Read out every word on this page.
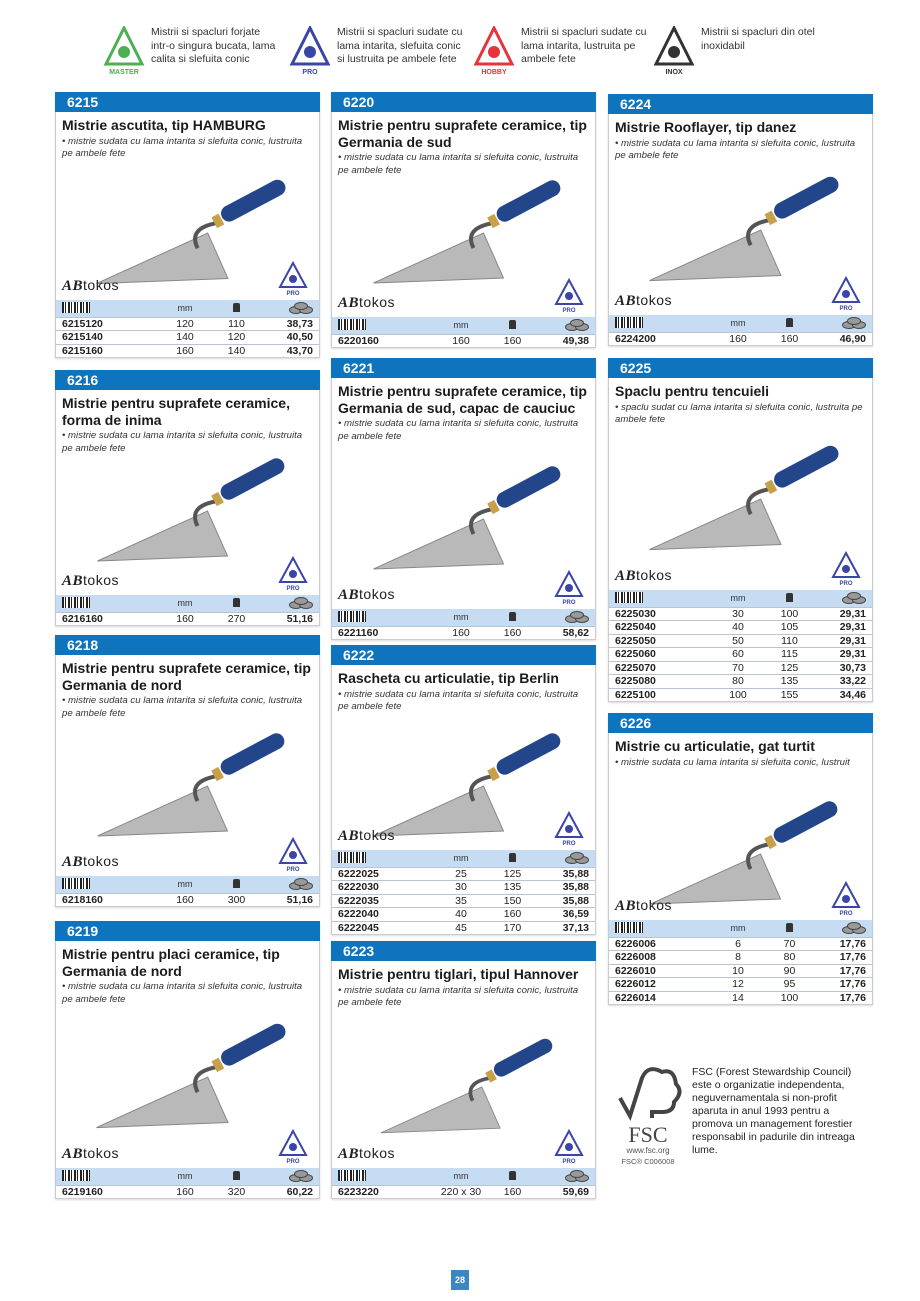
MASTER
Mistrii si spacluri forjate intr-o singura bucata, lama calita si slefuita conic
PRO
Mistrii si spacluri sudate cu lama intarita, slefuita conic si lustruita pe ambele fete
HOBBY
Mistrii si spacluri sudate cu lama intarita, lustruita pe ambele fete
INOX
Mistrii si spacluri din otel inoxidabil
6215
Mistrie ascutita, tip HAMBURG
• mistrie sudata cu lama intarita si slefuita conic, lustruita pe ambele fete
ABtokos
PRO
mm
6215120	120	110	38,73
6215140	140	120	40,50
6215160	160	140	43,70
6220
Mistrie pentru suprafete ceramice, tip Germania de sud
• mistrie sudata cu lama intarita si slefuita conic, lustruita pe ambele fete
ABtokos
PRO
mm
6220160	160	160	49,38
6224
Mistrie Rooflayer, tip danez
• mistrie sudata cu lama intarita si slefuita conic, lustruita pe ambele fete
ABtokos
PRO
mm
6224200	160	160	46,90
6216
Mistrie pentru suprafete ceramice, forma de inima
• mistrie sudata cu lama intarita si slefuita conic, lustruita pe ambele fete
ABtokos
PRO
mm
6216160	160	270	51,16
6221
Mistrie pentru suprafete ceramice, tip Germania de sud, capac de cauciuc
• mistrie sudata cu lama intarita si slefuita conic, lustruita pe ambele fete
ABtokos
PRO
mm
6221160	160	160	58,62
6225
Spaclu pentru tencuieli
• spaclu sudat cu lama intarita si slefuita conic, lustruita pe ambele fete
ABtokos
PRO
mm
6225030	30	100	29,31
6225040	40	105	29,31
6225050	50	110	29,31
6225060	60	115	29,31
6225070	70	125	30,73
6225080	80	135	33,22
6225100	100	155	34,46
6218
Mistrie pentru suprafete ceramice, tip Germania de nord
• mistrie sudata cu lama intarita si slefuita conic, lustruita pe ambele fete
ABtokos
PRO
mm
6218160	160	300	51,16
6222
Rascheta cu articulatie, tip Berlin
• mistrie sudata cu lama intarita si slefuita conic, lustruita pe ambele fete
ABtokos
PRO
mm
6222025	25	125	35,88
6222030	30	135	35,88
6222035	35	150	35,88
6222040	40	160	36,59
6222045	45	170	37,13
6226
Mistrie cu articulatie, gat turtit
• mistrie sudata cu lama intarita si slefuita conic, lustruit
ABtokos
PRO
mm
6226006	6	70	17,76
6226008	8	80	17,76
6226010	10	90	17,76
6226012	12	95	17,76
6226014	14	100	17,76
6219
Mistrie pentru placi ceramice, tip Germania de nord
• mistrie sudata cu lama intarita si slefuita conic, lustruita pe ambele fete
ABtokos
PRO
mm
6219160	160	320	60,22
6223
Mistrie pentru tiglari, tipul Hannover
• mistrie sudata cu lama intarita si slefuita conic, lustruita pe ambele fete
ABtokos
PRO
mm
6223220	220 x 30	160	59,69
FSC
www.fsc.org
FSC® C006008
FSC (Forest Stewardship Council) este o organizatie independenta, neguvernamentala si non-profit aparuta in anul 1993 pentru a promova un management forestier responsabil in padurile din intreaga lume.
28
